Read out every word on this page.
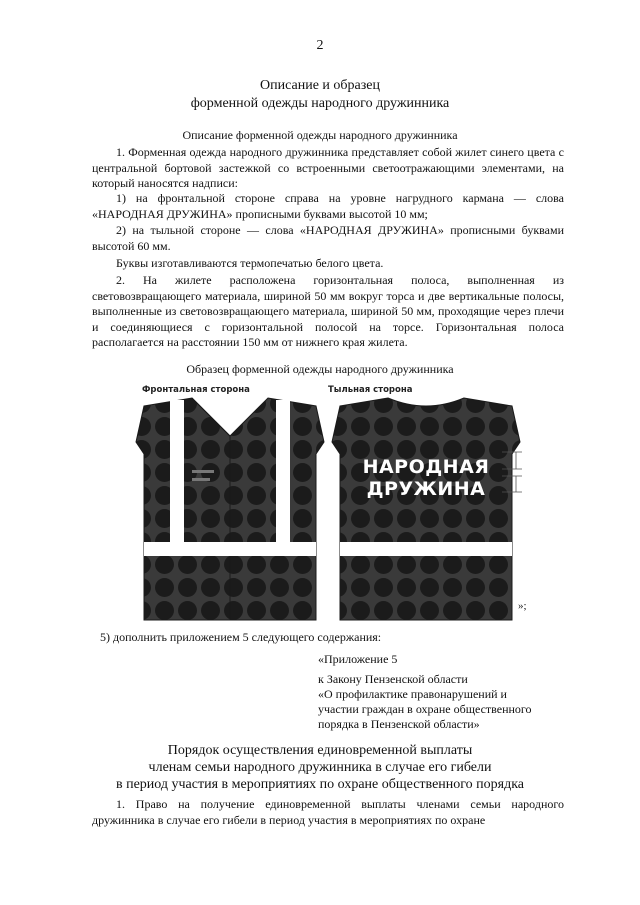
2
Описание и образец
форменной одежды народного дружинника
Описание форменной одежды народного дружинника

1. Форменная одежда народного дружинника представляет собой жилет синего цвета с центральной бортовой застежкой со встроенными светоотражающими элементами, на который наносятся надписи:

1) на фронтальной стороне справа на уровне нагрудного кармана — слова «НАРОДНАЯ ДРУЖИНА» прописными буквами высотой 10 мм;

2) на тыльной стороне — слова «НАРОДНАЯ ДРУЖИНА» прописными буквами высотой 60 мм.

Буквы изготавливаются термопечатью белого цвета.

2. На жилете расположена горизонтальная полоса, выполненная из световозвращающего материала, шириной 50 мм вокруг торса и две вертикальные полосы, выполненные из световозвращающего материала, шириной 50 мм, проходящие через плечи и соединяющиеся с горизонтальной полосой на торсе. Горизонтальная полоса располагается на расстоянии 150 мм от нижнего края жилета.

Образец форменной одежды народного дружинника
Фронтальная сторона	Тыльная сторона
НАРОДНАЯ
ДРУЖИНА
»;
5) дополнить приложением 5 следующего содержания:
«Приложение 5
к Закону Пензенской области
«О профилактике правонарушений и
участии граждан в охране общественного
порядка в Пензенской области»
Порядок осуществления единовременной выплаты
членам семьи народного дружинника в случае его гибели
в период участия в мероприятиях по охране общественного порядка

1. Право на получение единовременной выплаты членами семьи народного дружинника в случае его гибели в период участия в мероприятиях по охране
